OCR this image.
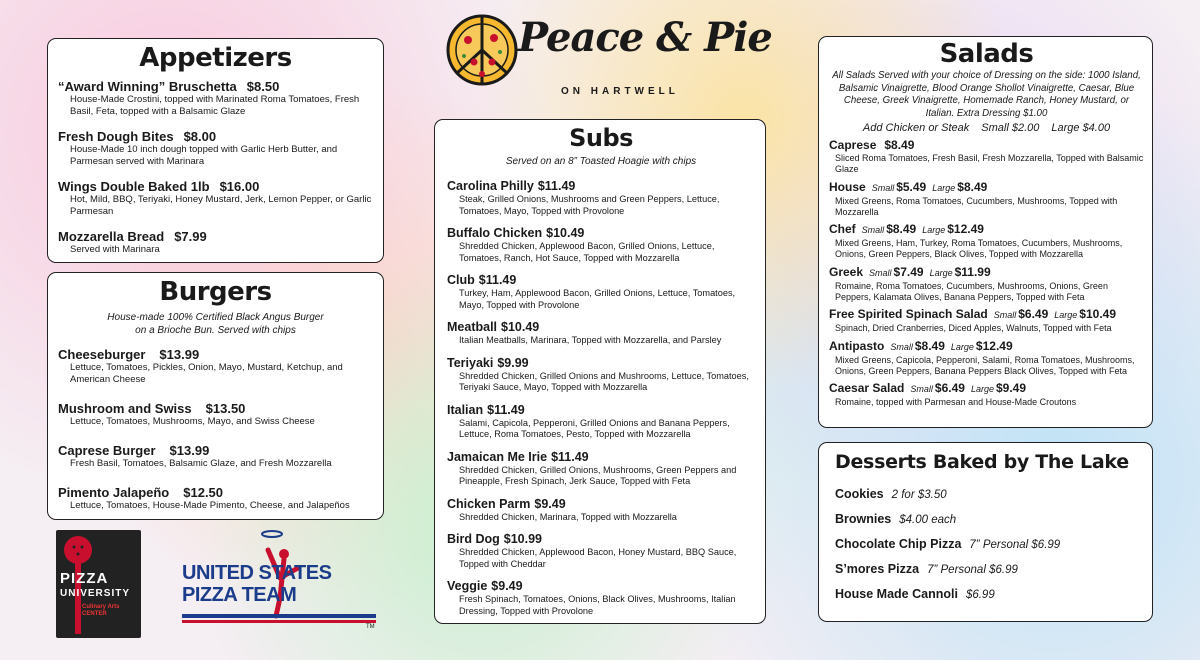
Peace & Pie
ON HARTWELL
Appetizers
“Award Winning” Bruschetta $8.50
House-Made Crostini, topped with Marinated Roma Tomatoes, Fresh Basil, Feta, topped with a Balsamic Glaze
Fresh Dough Bites $8.00
House-Made 10 inch dough topped with Garlic Herb Butter, and Parmesan served with Marinara
Wings Double Baked 1lb $16.00
Hot, Mild, BBQ, Teriyaki, Honey Mustard, Jerk, Lemon Pepper, or Garlic Parmesan
Mozzarella Bread $7.99
Served with Marinara
Burgers
House-made 100% Certified Black Angus Burger
on a Brioche Bun. Served with chips
Cheeseburger $13.99
Lettuce, Tomatoes, Pickles, Onion, Mayo, Mustard, Ketchup, and American Cheese
Mushroom and Swiss $13.50
Lettuce, Tomatoes, Mushrooms, Mayo, and Swiss Cheese
Caprese Burger $13.99
Fresh Basil, Tomatoes, Balsamic Glaze, and Fresh Mozzarella
Pimento Jalapeño $12.50
Lettuce, Tomatoes, House-Made Pimento, Cheese, and Jalapeños
Subs
Served on an 8” Toasted Hoagie with chips
Carolina Philly $11.49
Steak, Grilled Onions, Mushrooms and Green Peppers, Lettuce, Tomatoes, Mayo, Topped with Provolone
Buffalo Chicken $10.49
Shredded Chicken, Applewood Bacon, Grilled Onions, Lettuce, Tomatoes, Ranch, Hot Sauce, Topped with Mozzarella
Club $11.49
Turkey, Ham, Applewood Bacon, Grilled Onions, Lettuce, Tomatoes, Mayo, Topped with Provolone
Meatball $10.49
Italian Meatballs, Marinara, Topped with Mozzarella, and Parsley
Teriyaki $9.99
Shredded Chicken, Grilled Onions and Mushrooms, Lettuce, Tomatoes, Teriyaki Sauce, Mayo, Topped with Mozzarella
Italian $11.49
Salami, Capicola, Pepperoni, Grilled Onions and Banana Peppers, Lettuce, Roma Tomatoes, Pesto, Topped with Mozzarella
Jamaican Me Irie $11.49
Shredded Chicken, Grilled Onions, Mushrooms, Green Peppers and Pineapple, Fresh Spinach, Jerk Sauce, Topped with Feta
Chicken Parm $9.49
Shredded Chicken, Marinara, Topped with Mozzarella
Bird Dog $10.99
Shredded Chicken, Applewood Bacon, Honey Mustard, BBQ Sauce, Topped with Cheddar
Veggie $9.49
Fresh Spinach, Tomatoes, Onions, Black Olives, Mushrooms, Italian Dressing, Topped with Provolone
Salads
All Salads Served with your choice of Dressing on the side: 1000 Island, Balsamic Vinaigrette, Blood Orange Shollot Vinaigrette, Caesar, Blue Cheese, Greek Vinaigrette, Homemade Ranch, Honey Mustard, or Italian. Extra Dressing $1.00
Add Chicken or Steak Small $2.00 Large $4.00
Caprese $8.49
Sliced Roma Tomatoes, Fresh Basil, Fresh Mozzarella, Topped with Balsamic Glaze
House Small $5.49 Large $8.49
Mixed Greens, Roma Tomatoes, Cucumbers, Mushrooms, Topped with Mozzarella
Chef Small $8.49 Large $12.49
Mixed Greens, Ham, Turkey, Roma Tomatoes, Cucumbers, Mushrooms, Onions, Green Peppers, Black Olives, Topped with Mozzarella
Greek Small $7.49 Large $11.99
Romaine, Roma Tomatoes, Cucumbers, Mushrooms, Onions, Green Peppers, Kalamata Olives, Banana Peppers, Topped with Feta
Free Spirited Spinach Salad Small $6.49 Large $10.49
Spinach, Dried Cranberries, Diced Apples, Walnuts, Topped with Feta
Antipasto Small $8.49 Large $12.49
Mixed Greens, Capicola, Pepperoni, Salami, Roma Tomatoes, Mushrooms, Onions, Green Peppers, Banana Peppers Black Olives, Topped with Feta
Caesar Salad Small $6.49 Large $9.49
Romaine, topped with Parmesan and House-Made Croutons
Desserts Baked by The Lake
Cookies 2 for $3.50
Brownies $4.00 each
Chocolate Chip Pizza 7” Personal $6.99
S’mores Pizza 7” Personal $6.99
House Made Cannoli $6.99
PIZZA
UNIVERSITY
Culinary Arts
CENTER
UNITED STATES
PIZZA TEAM
TM
